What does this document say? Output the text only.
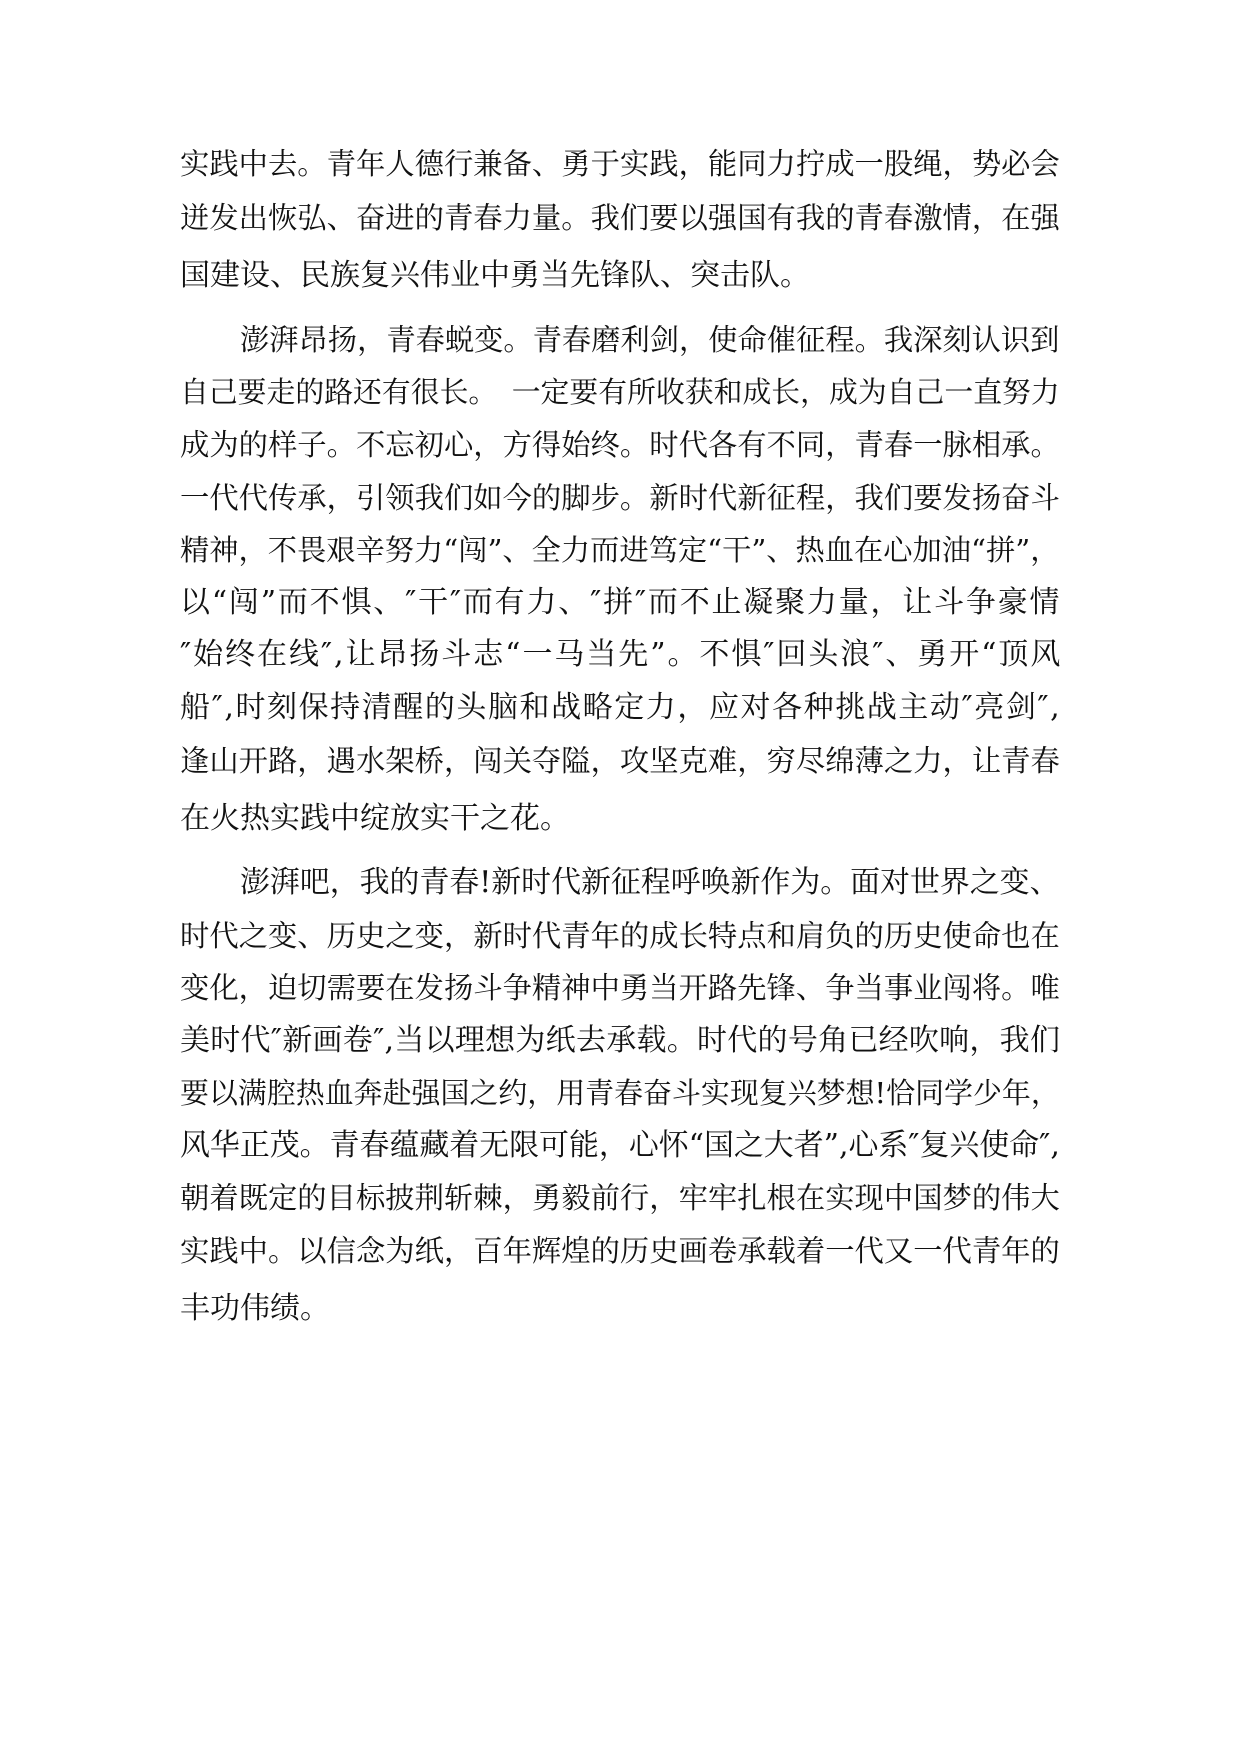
实践中去。青年人德行兼备、勇于实践，能同力拧成一股绳，势必会
迸发出恢弘、奋进的青春力量。我们要以强国有我的青春激情，在强
国建设、民族复兴伟业中勇当先锋队、突击队。
澎湃昂扬，青春蜕变。青春磨利剑，使命催征程。我深刻认识到
自己要走的路还有很长。　一定要有所收获和成长，成为自己一直努力
成为的样子。不忘初心，方得始终。时代各有不同，青春一脉相承。
一代代传承，引领我们如今的脚步。新时代新征程，我们要发扬奋斗
精神，不畏艰辛努力“闯”、全力而进笃定“干”、热血在心加油“拼”，
以“闯”而不惧、″干″而有力、″拼″而不止凝聚力量，让斗争豪情
″始终在线″,让昂扬斗志“一马当先”。不惧″回头浪″、勇开“顶风
船″,时刻保持清醒的头脑和战略定力，应对各种挑战主动″亮剑″,
逢山开路，遇水架桥，闯关夺隘，攻坚克难，穷尽绵薄之力，让青春
在火热实践中绽放实干之花。
澎湃吧，我的青春!新时代新征程呼唤新作为。面对世界之变、
时代之变、历史之变，新时代青年的成长特点和肩负的历史使命也在
变化，迫切需要在发扬斗争精神中勇当开路先锋、争当事业闯将。唯
美时代″新画卷″,当以理想为纸去承载。时代的号角已经吹响，我们
要以满腔热血奔赴强国之约，用青春奋斗实现复兴梦想!恰同学少年，
风华正茂。青春蕴藏着无限可能，心怀“国之大者”,心系″复兴使命″,
朝着既定的目标披荆斩棘，勇毅前行，牢牢扎根在实现中国梦的伟大
实践中。以信念为纸，百年辉煌的历史画卷承载着一代又一代青年的
丰功伟绩。
